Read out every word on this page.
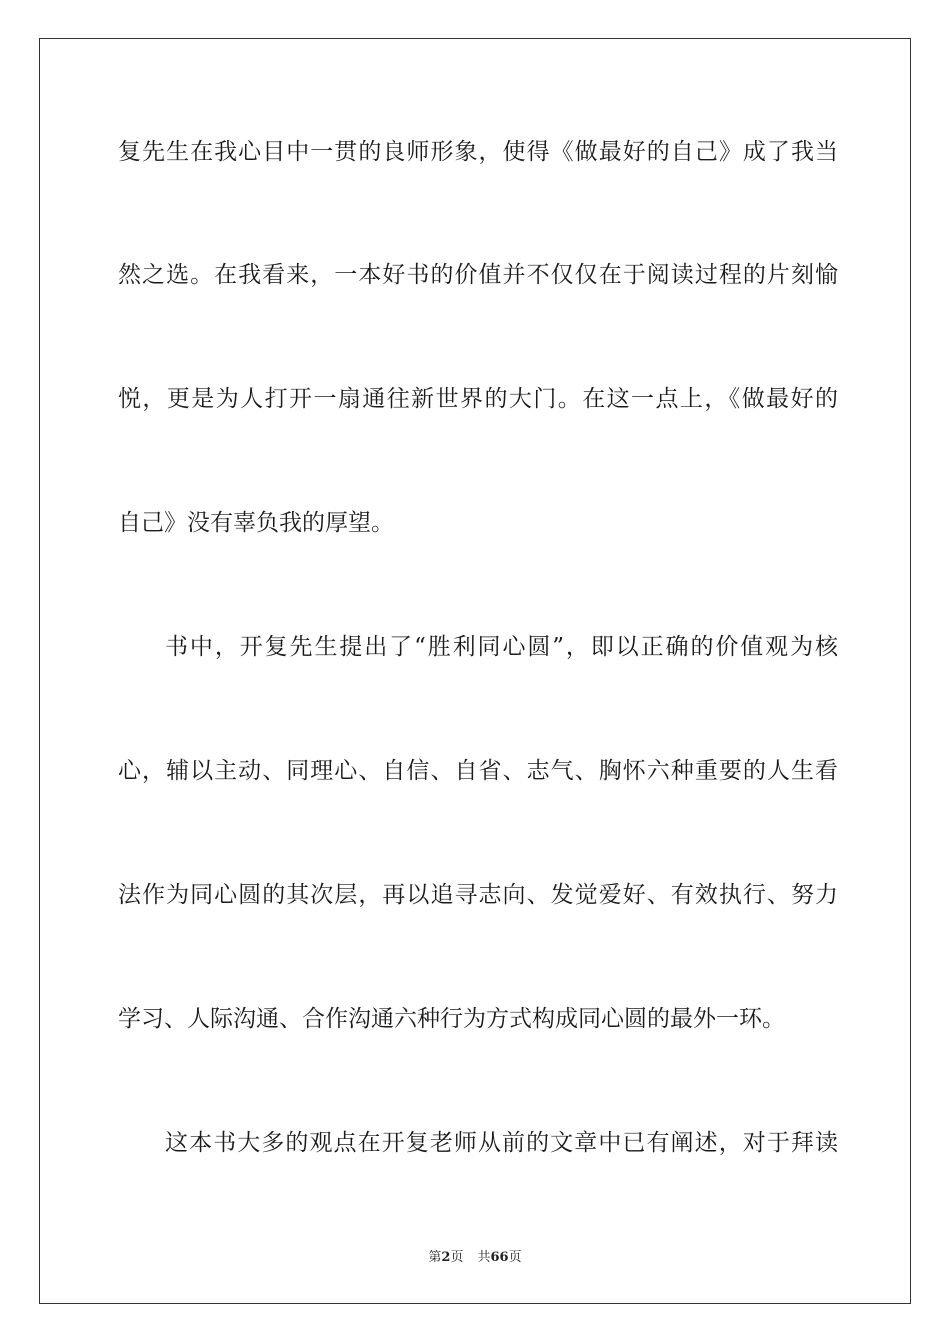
复先生在我心目中一贯的良师形象，使得《做最好的自己》成了我当
然之选。在我看来，一本好书的价值并不仅仅在于阅读过程的片刻愉
悦，更是为人打开一扇通往新世界的大门。在这一点上，《做最好的
自己》没有辜负我的厚望。
书中，开复先生提出了“胜利同心圆”，即以正确的价值观为核
心，辅以主动、同理心、自信、自省、志气、胸怀六种重要的人生看
法作为同心圆的其次层，再以追寻志向、发觉爱好、有效执行、努力
学习、人际沟通、合作沟通六种行为方式构成同心圆的最外一环。
这本书大多的观点在开复老师从前的文章中已有阐述，对于拜读
第2页 共66页
